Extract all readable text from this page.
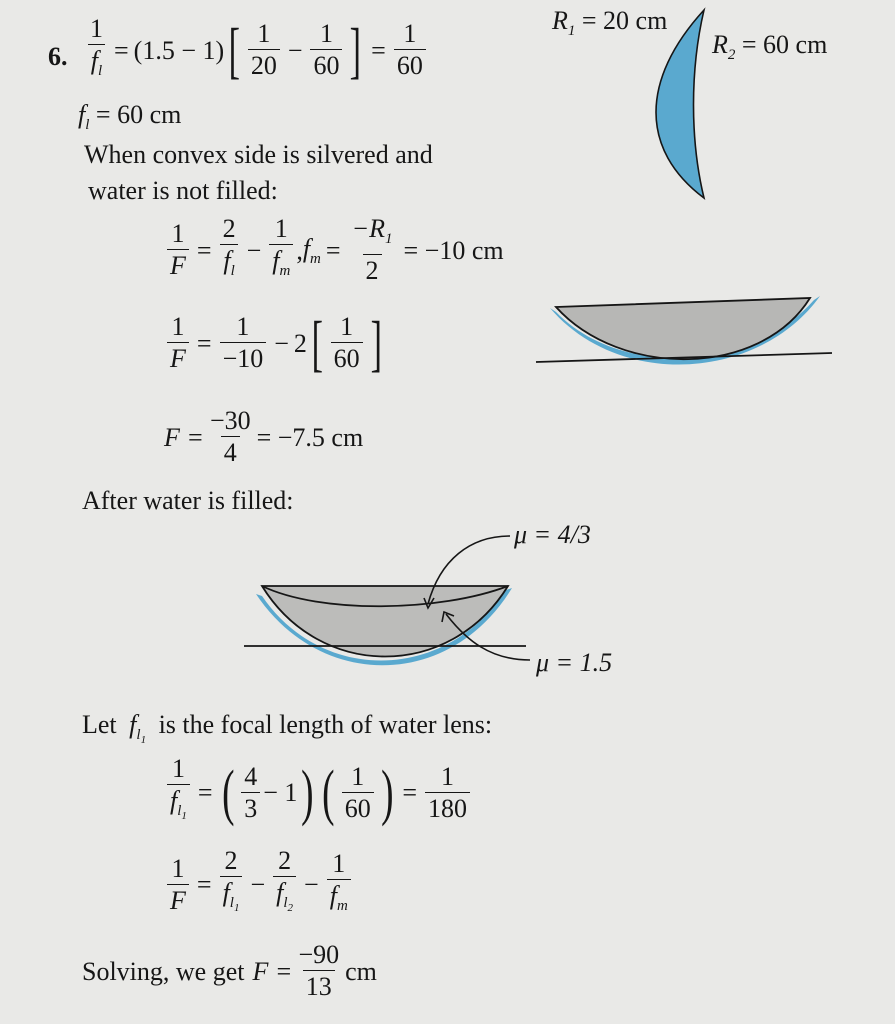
6. $\frac{1}{f_l} = (1.5 - 1)$ [ $\frac{1}{20} - \frac{1}{60}$ ] = $\frac{1}{60}$
$f_l = 60$ cm
When convex side is silvered and
water is not filled:
$R_1 = 20$ cm
$R_2 = 60$ cm
$\frac{1}{F} = \frac{2}{f_l} - \frac{1}{f_m}$ , $f_m = \frac{-R_1}{2} = -10$ cm
$\frac{1}{F} = \frac{1}{-10} - 2$ [ $\frac{1}{60}$ ]
$F = \frac{-30}{4} = -7.5$ cm
After water is filled:
μ = 4/3
μ = 1.5
Let $f_{l_1}$ is the focal length of water lens:
$\frac{1}{f_{l_1}}$ = ( $\frac{4}{3} - 1$ ) ( $\frac{1}{60}$ ) = $\frac{1}{180}$
$\frac{1}{F} = \frac{2}{f_{l_1}} - \frac{2}{f_{l_2}} - \frac{1}{f_m}$
Solving, we get $F = \frac{-90}{13}$ cm
